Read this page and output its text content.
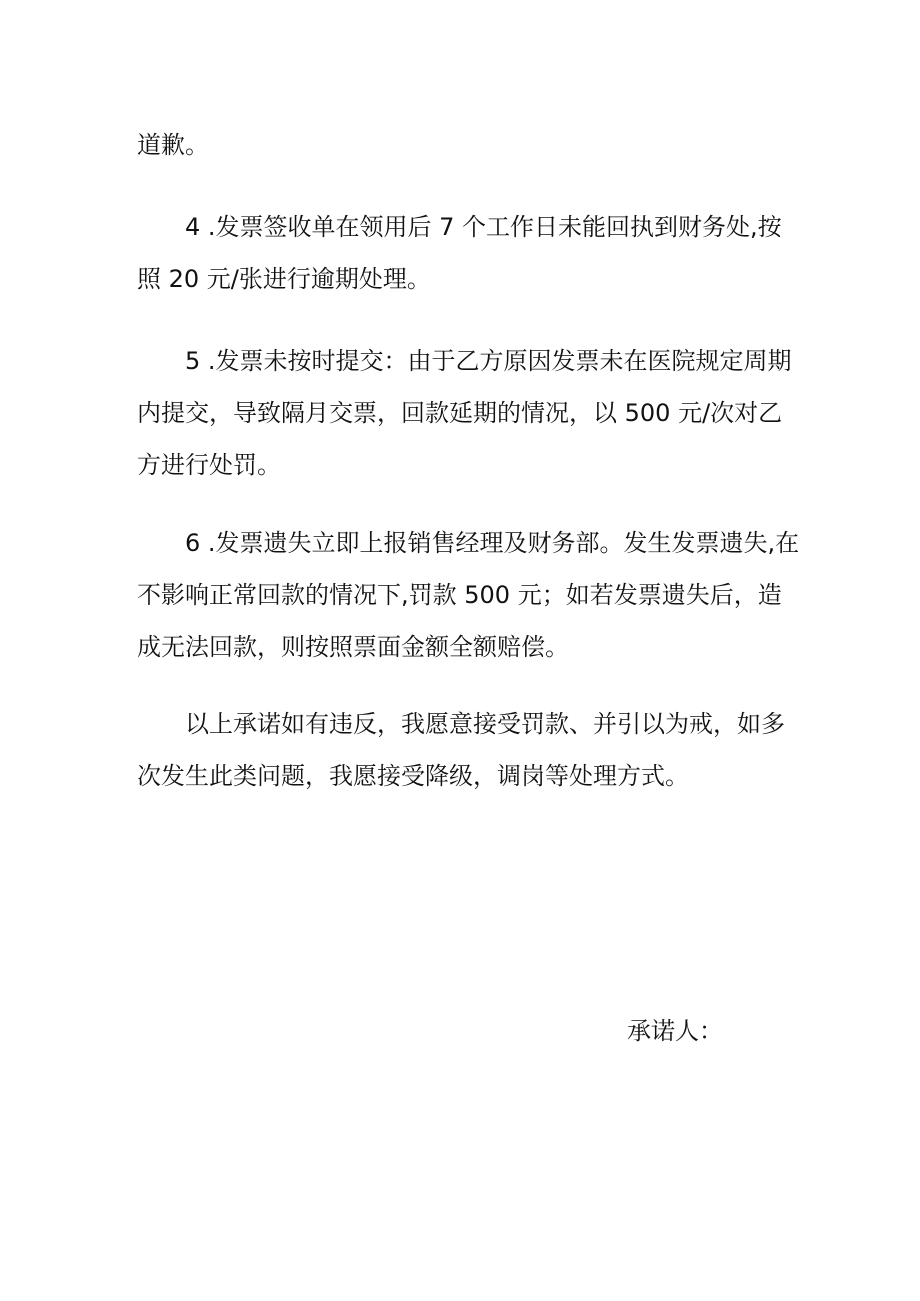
道歉。

4 .发票签收单在领用后 7 个工作日未能回执到财务处,按照 20 元/张进行逾期处理。

5 .发票未按时提交：由于乙方原因发票未在医院规定周期内提交，导致隔月交票，回款延期的情况，以 500 元/次对乙方进行处罚。

6 .发票遗失立即上报销售经理及财务部。发生发票遗失,在不影响正常回款的情况下,罚款 500 元；如若发票遗失后，造成无法回款，则按照票面金额全额赔偿。

以上承诺如有违反，我愿意接受罚款、并引以为戒，如多次发生此类问题，我愿接受降级，调岗等处理方式。

承诺人：
